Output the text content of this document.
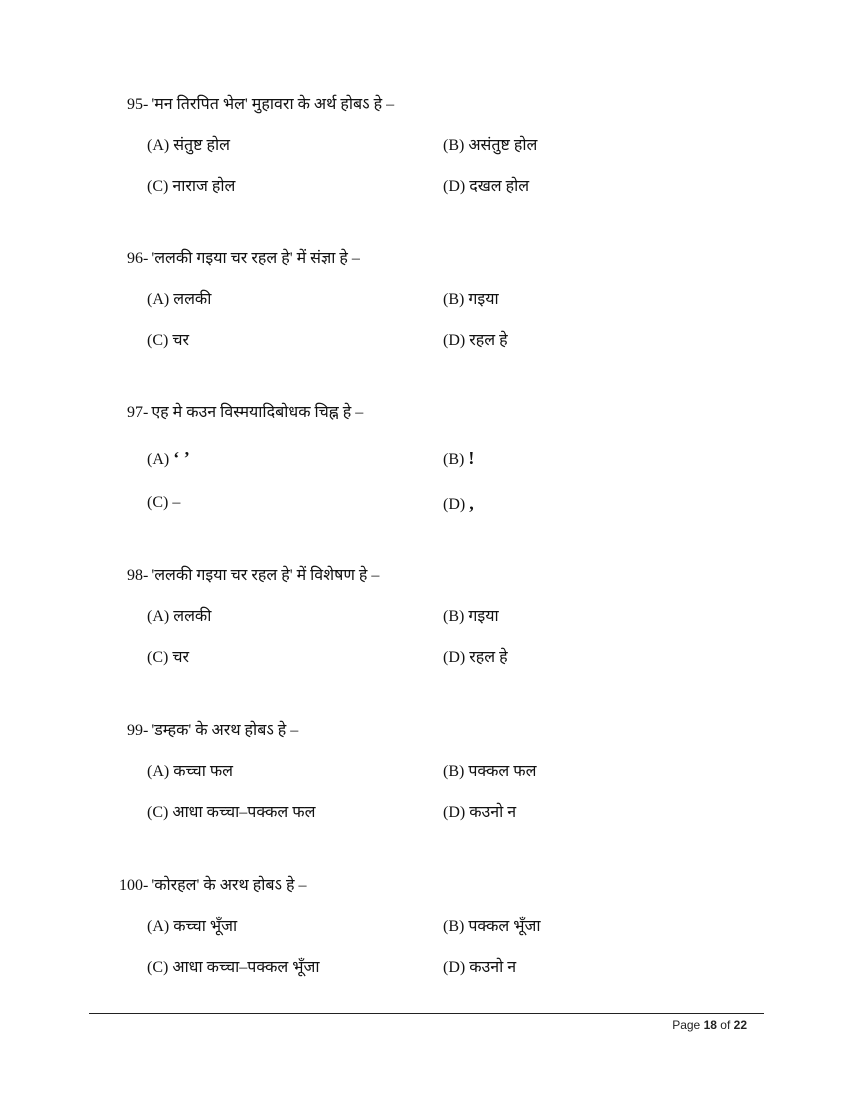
95- 'मन तिरपित भेल' मुहावरा के अर्थ होबऽ हे –
(A) संतुष्ट होल	(B) असंतुष्ट होल
(C) नाराज होल	(D) दखल होल
96- 'ललकी गइया चर रहल हे' में संज्ञा हे –
(A) ललकी	(B) गइया
(C) चर	(D) रहल हे
97- एह मे कउन विस्मयादिबोधक चिह्न हे –
(A) ‘ ’	(B) !
(C) –	(D) ,
98- 'ललकी गइया चर रहल हे' में विशेषण हे –
(A) ललकी	(B) गइया
(C) चर	(D) रहल हे
99- 'डम्हक' के अरथ होबऽ हे –
(A) कच्चा फल	(B) पक्कल फल
(C) आधा कच्चा–पक्कल फल	(D) कउनो न
100- 'कोरहल' के अरथ होबऽ हे –
(A) कच्चा भूँजा	(B) पक्कल भूँजा
(C) आधा कच्चा–पक्कल भूँजा	(D) कउनो न
Page 18 of 22
